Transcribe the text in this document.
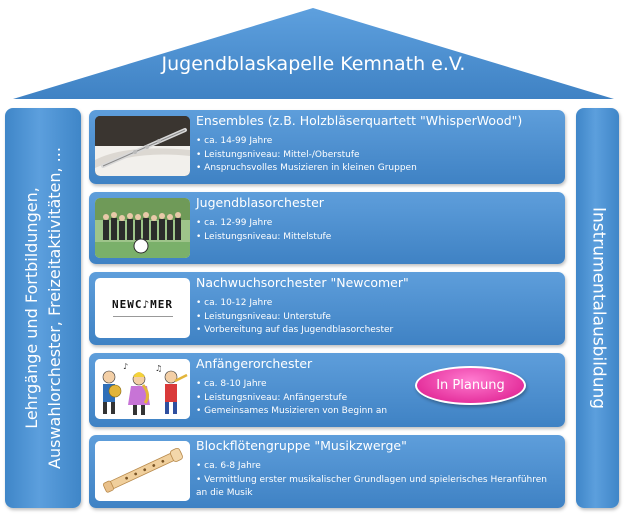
Jugendblaskapelle Kemnath e.V.
Lehrgänge und Fortbildungen, Auswahlorchester, Freizeitaktivitäten, ...	Instrumentalausbildung
Ensembles (z.B. Holzbläserquartett "WhisperWood")
• ca. 14-99 Jahre
• Leistungsniveau: Mittel-/Oberstufe
• Anspruchsvolles Musizieren in kleinen Gruppen
Jugendblasorchester
• ca. 12-99 Jahre
• Leistungsniveau: Mittelstufe
NEWC♪MER
Nachwuchsorchester "Newcomer"
• ca. 10-12 Jahre
• Leistungsniveau: Unterstufe
• Vorbereitung auf das Jugendblasorchester
♪	♫	Anfängerorchester
• ca. 8-10 Jahre
• Leistungsniveau: Anfängerstufe
• Gemeinsames Musizieren von Beginn an
In Planung
Blockflötengruppe "Musikzwerge"
• ca. 6-8 Jahre
• Vermittlung erster musikalischer Grundlagen und spielerisches Heranführen an die Musik
